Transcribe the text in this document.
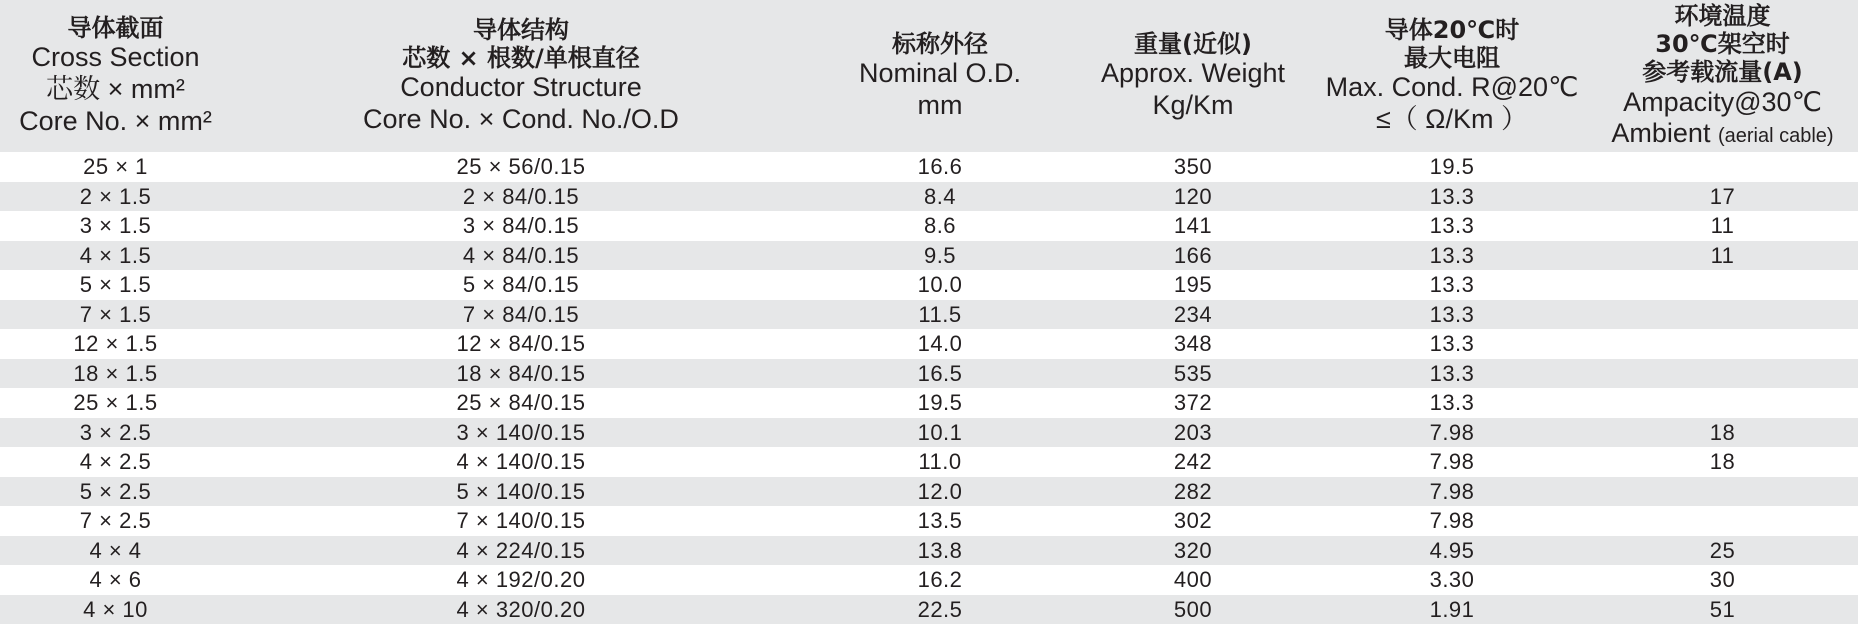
导体截面
Cross Section
芯数 × mm²
Core No. × mm²	导体结构
芯数 × 根数/单根直径
Conductor Structure
Core No. × Cond. No./O.D	标称外径
Nominal O.D.
mm	重量(近似)
Approx. Weight
Kg/Km	导体20℃时
最大电阻
Max. Cond. R@20℃
≤（ Ω/Km ）	环境温度
30℃架空时
参考载流量(A)
Ampacity@30℃
Ambient (aerial cable)

25 × 1	25 × 56/0.15	16.6	350	19.5	
2 × 1.5	2 × 84/0.15	8.4	120	13.3	17
3 × 1.5	3 × 84/0.15	8.6	141	13.3	11
4 × 1.5	4 × 84/0.15	9.5	166	13.3	11
5 × 1.5	5 × 84/0.15	10.0	195	13.3	
7 × 1.5	7 × 84/0.15	11.5	234	13.3	
12 × 1.5	12 × 84/0.15	14.0	348	13.3	
18 × 1.5	18 × 84/0.15	16.5	535	13.3	
25 × 1.5	25 × 84/0.15	19.5	372	13.3	
3 × 2.5	3 × 140/0.15	10.1	203	7.98	18
4 × 2.5	4 × 140/0.15	11.0	242	7.98	18
5 × 2.5	5 × 140/0.15	12.0	282	7.98	
7 × 2.5	7 × 140/0.15	13.5	302	7.98	
4 × 4	4 × 224/0.15	13.8	320	4.95	25
4 × 6	4 × 192/0.20	16.2	400	3.30	30
4 × 10	4 × 320/0.20	22.5	500	1.91	51
